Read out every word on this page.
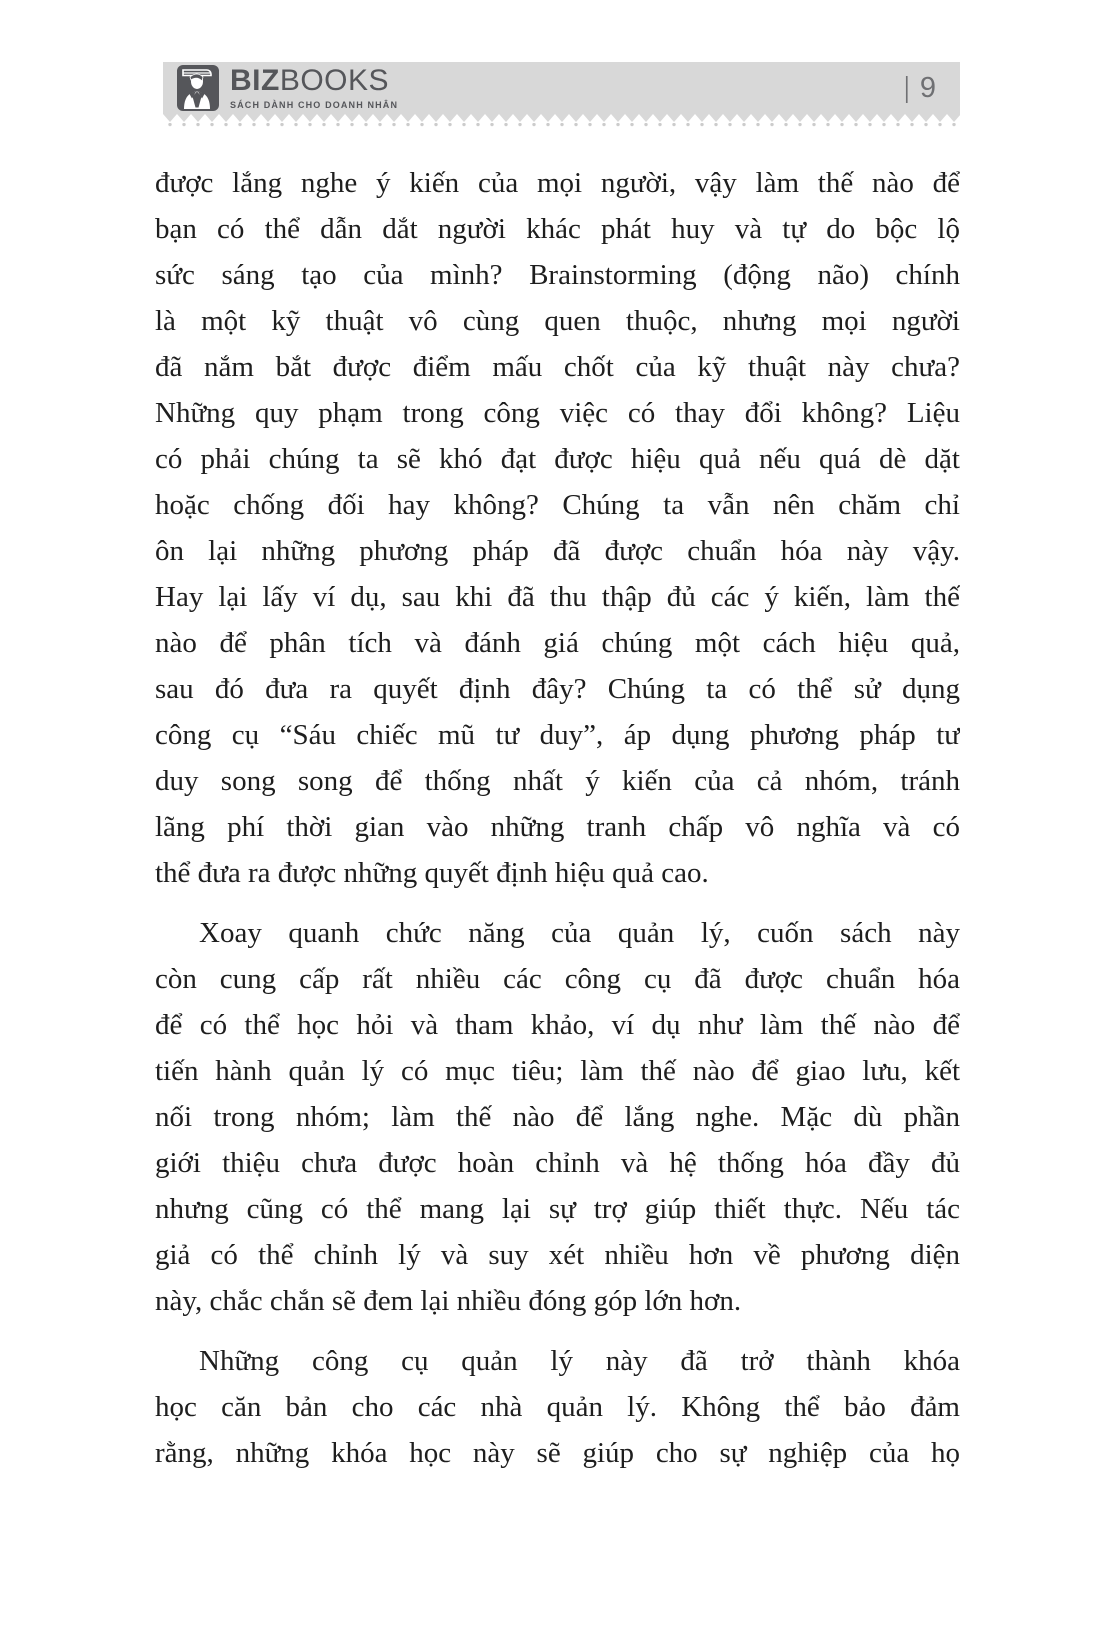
BIZBOOKS
SÁCH DÀNH CHO DOANH NHÂN
| 9
được lắng nghe ý kiến của mọi người, vậy làm thế nào để
bạn có thể dẫn dắt người khác phát huy và tự do bộc lộ
sức sáng tạo của mình? Brainstorming (động não) chính
là một kỹ thuật vô cùng quen thuộc, nhưng mọi người
đã nắm bắt được điểm mấu chốt của kỹ thuật này chưa?
Những quy phạm trong công việc có thay đổi không? Liệu
có phải chúng ta sẽ khó đạt được hiệu quả nếu quá dè dặt
hoặc chống đối hay không? Chúng ta vẫn nên chăm chỉ
ôn lại những phương pháp đã được chuẩn hóa này vậy.
Hay lại lấy ví dụ, sau khi đã thu thập đủ các ý kiến, làm thế
nào để phân tích và đánh giá chúng một cách hiệu quả,
sau đó đưa ra quyết định đây? Chúng ta có thể sử dụng
công cụ “Sáu chiếc mũ tư duy”, áp dụng phương pháp tư
duy song song để thống nhất ý kiến của cả nhóm, tránh
lãng phí thời gian vào những tranh chấp vô nghĩa và có
thể đưa ra được những quyết định hiệu quả cao.
Xoay quanh chức năng của quản lý, cuốn sách này
còn cung cấp rất nhiều các công cụ đã được chuẩn hóa
để có thể học hỏi và tham khảo, ví dụ như làm thế nào để
tiến hành quản lý có mục tiêu; làm thế nào để giao lưu, kết
nối trong nhóm; làm thế nào để lắng nghe. Mặc dù phần
giới thiệu chưa được hoàn chỉnh và hệ thống hóa đầy đủ
nhưng cũng có thể mang lại sự trợ giúp thiết thực. Nếu tác
giả có thể chỉnh lý và suy xét nhiều hơn về phương diện
này, chắc chắn sẽ đem lại nhiều đóng góp lớn hơn.
Những công cụ quản lý này đã trở thành khóa
học căn bản cho các nhà quản lý. Không thể bảo đảm
rằng, những khóa học này sẽ giúp cho sự nghiệp của họ
